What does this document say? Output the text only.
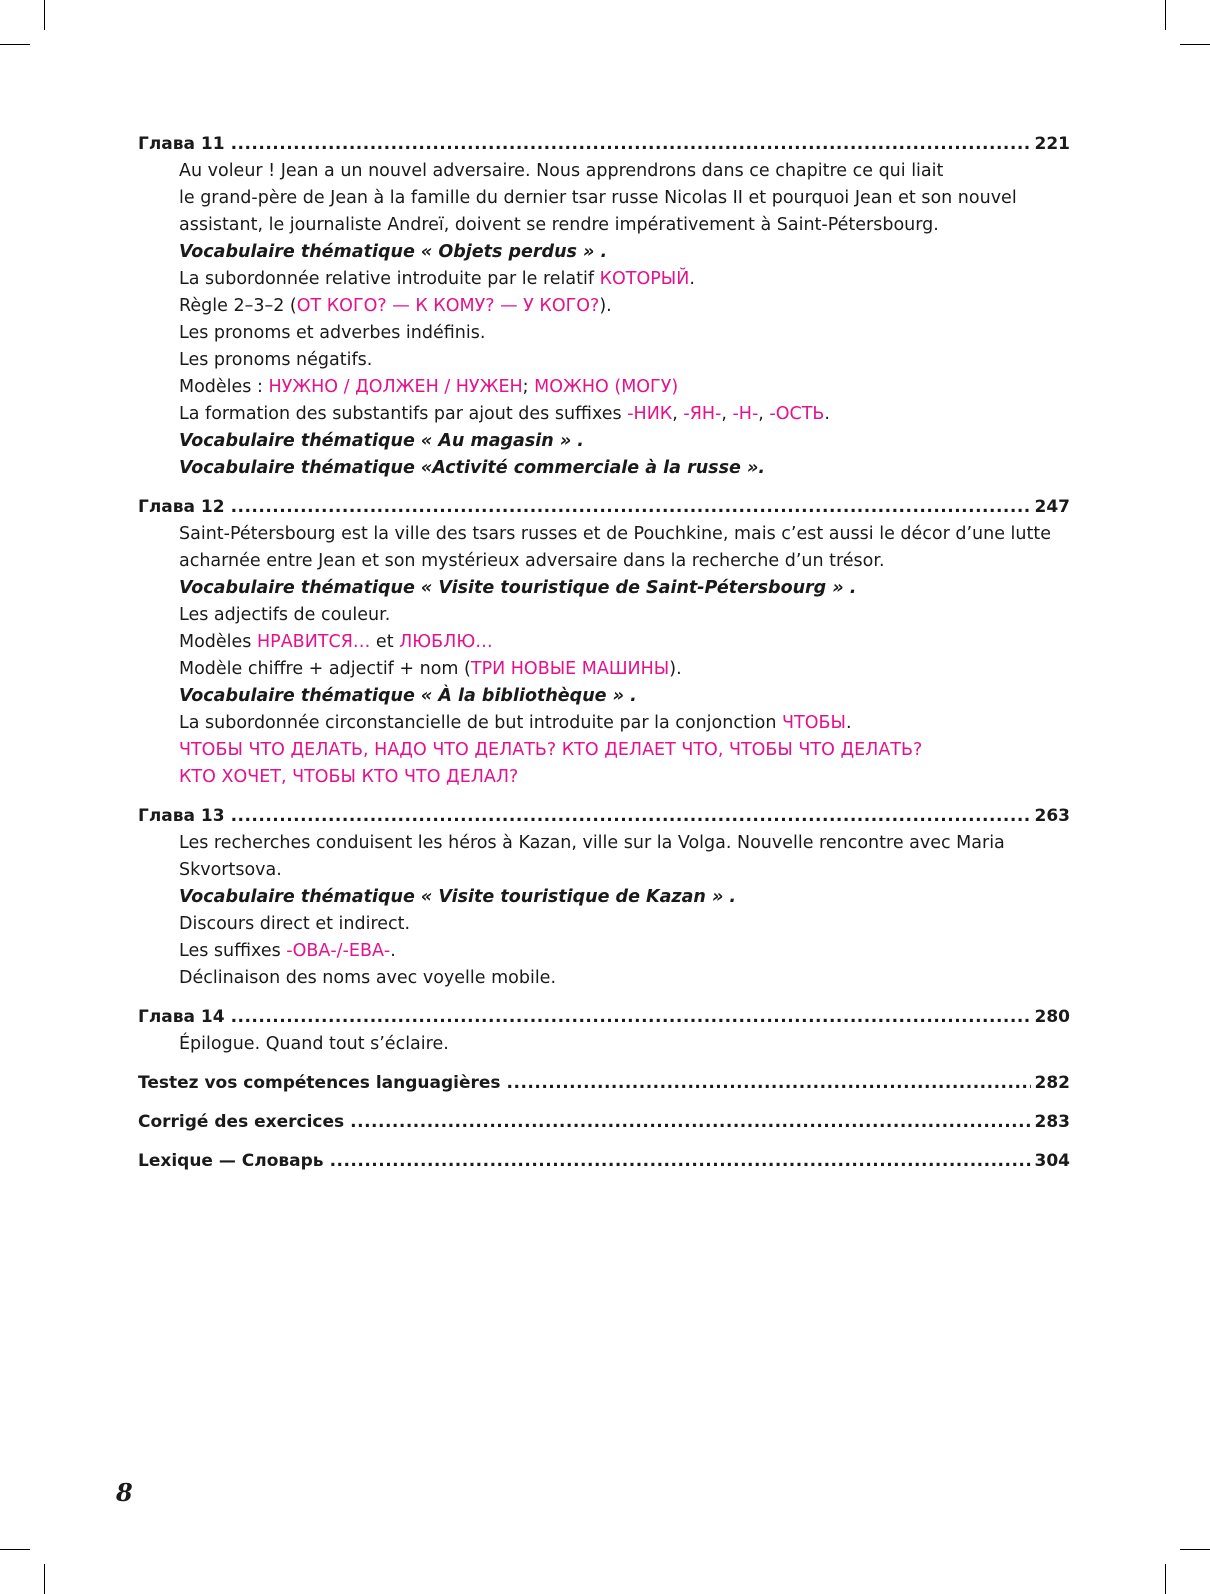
Глава 11 .....	221
Au voleur ! Jean a un nouvel adversaire. Nous apprendrons dans ce chapitre ce qui liait
le grand-père de Jean à la famille du dernier tsar russe Nicolas II et pourquoi Jean et son nouvel
assistant, le journaliste Andreï, doivent se rendre impérativement à Saint-Pétersbourg.
Vocabulaire thématique « Objets perdus » .
La subordonnée relative introduite par le relatif КОТОРЫЙ.
Règle 2–3–2 (ОТ КОГО? — К КОМУ? — У КОГО?).
Les pronoms et adverbes indéfinis.
Les pronoms négatifs.
Modèles : НУЖНО / ДОЛЖЕН / НУЖЕН; МОЖНО (МОГУ)
La formation des substantifs par ajout des suffixes -НИК, -ЯН-, -Н-, -ОСТЬ.
Vocabulaire thématique « Au magasin » .
Vocabulaire thématique «Activité commerciale à la russe ».
Глава 12 .....	247
Saint-Pétersbourg est la ville des tsars russes et de Pouchkine, mais c’est aussi le décor d’une lutte
acharnée entre Jean et son mystérieux adversaire dans la recherche d’un trésor.
Vocabulaire thématique « Visite touristique de Saint-Pétersbourg » .
Les adjectifs de couleur.
Modèles НРАВИТСЯ… et ЛЮБЛЮ…
Modèle chiffre + adjectif + nom (ТРИ НОВЫЕ МАШИНЫ).
Vocabulaire thématique « À la bibliothèque » .
La subordonnée circonstancielle de but introduite par la conjonction ЧТОБЫ.
ЧТОБЫ ЧТО ДЕЛАТЬ, НАДО ЧТО ДЕЛАТЬ? КТО ДЕЛАЕТ ЧТО, ЧТОБЫ ЧТО ДЕЛАТЬ?
КТО ХОЧЕТ, ЧТОБЫ КТО ЧТО ДЕЛАЛ?
Глава 13 .....	263
Les recherches conduisent les héros à Kazan, ville sur la Volga. Nouvelle rencontre avec Maria
Skvortsova.
Vocabulaire thématique « Visite touristique de Kazan » .
Discours direct et indirect.
Les suffixes -ОВА-/-ЕВА-.
Déclinaison des noms avec voyelle mobile.
Глава 14 .....	280
Épilogue. Quand tout s’éclaire.
Testez vos compétences languagières .....	282
Corrigé des exercices .....	283
Lexique — Словарь .....	304
8
